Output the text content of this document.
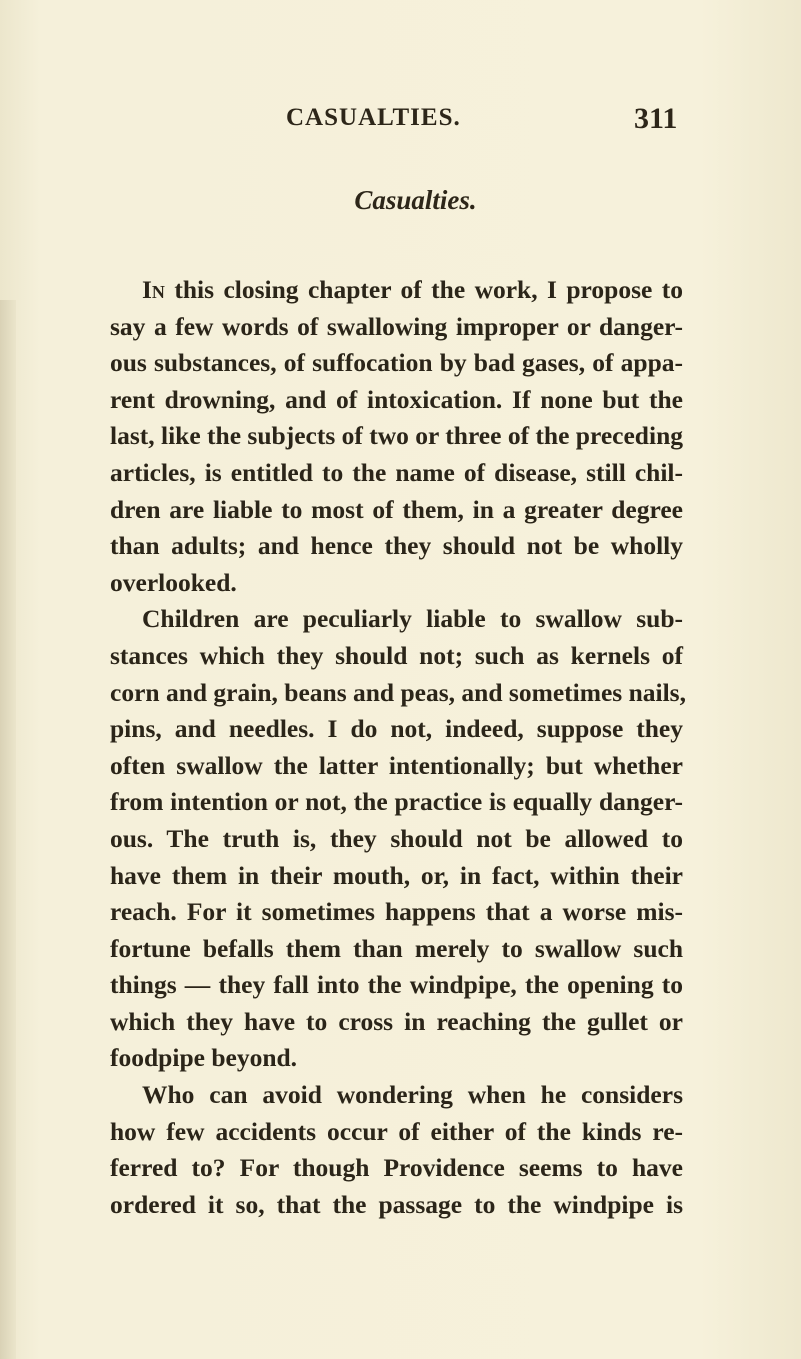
CASUALTIES.	311
Casualties.
In this closing chapter of the work, I propose to
say a few words of swallowing improper or danger-
ous substances, of suffocation by bad gases, of appa-
rent drowning, and of intoxication. If none but the
last, like the subjects of two or three of the preceding
articles, is entitled to the name of disease, still chil-
dren are liable to most of them, in a greater degree
than adults; and hence they should not be wholly
overlooked.
Children are peculiarly liable to swallow sub-
stances which they should not; such as kernels of
corn and grain, beans and peas, and sometimes nails,
pins, and needles. I do not, indeed, suppose they
often swallow the latter intentionally; but whether
from intention or not, the practice is equally danger-
ous. The truth is, they should not be allowed to
have them in their mouth, or, in fact, within their
reach. For it sometimes happens that a worse mis-
fortune befalls them than merely to swallow such
things — they fall into the windpipe, the opening to
which they have to cross in reaching the gullet or
foodpipe beyond.
Who can avoid wondering when he considers
how few accidents occur of either of the kinds re-
ferred to? For though Providence seems to have
ordered it so, that the passage to the windpipe is
